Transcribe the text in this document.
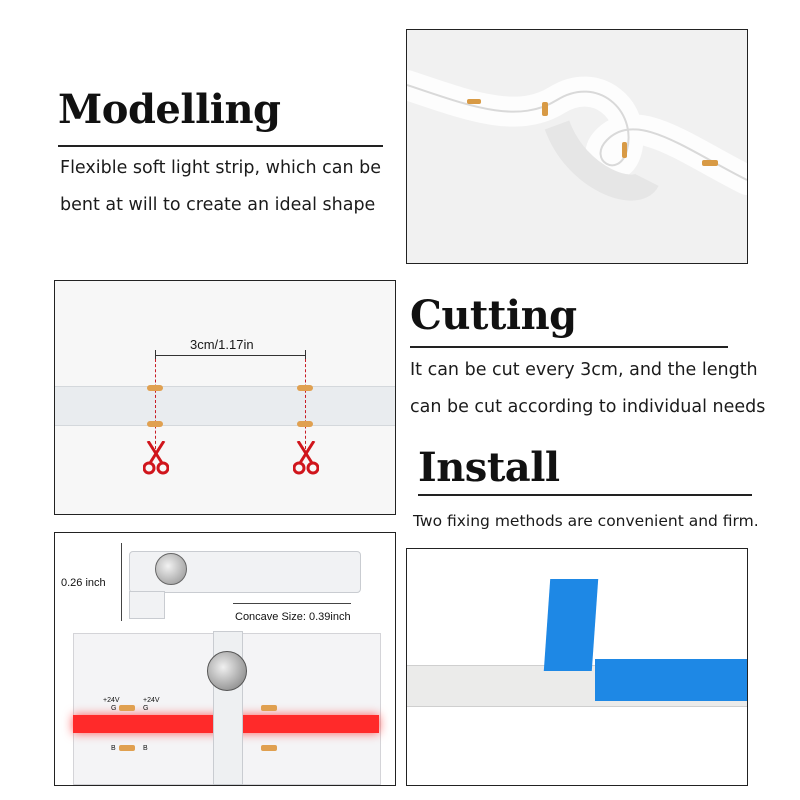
Modelling
Flexible soft light strip, which can be
bent at will to create an ideal shape
3cm/1.17in
Cutting
It can be cut every 3cm, and the length
can be cut according to individual needs
Install
Two fixing methods are convenient and firm.
0.26 inch
Concave Size: 0.39inch
+24V	+24V
G	G
B	B
